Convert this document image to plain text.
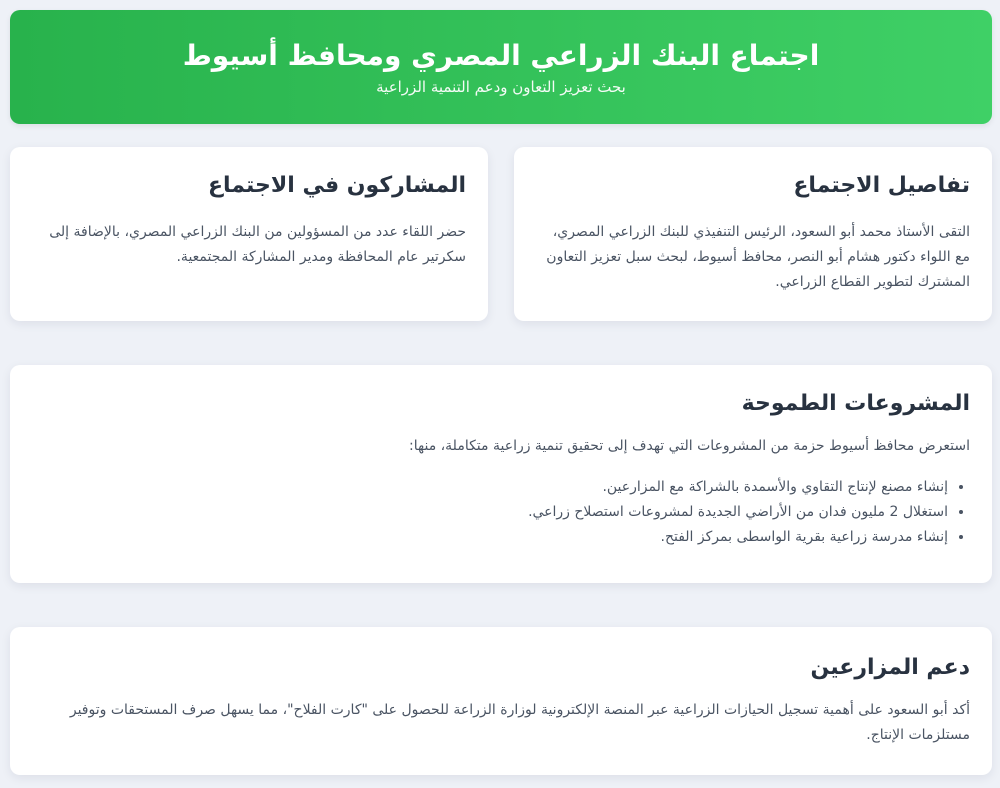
اجتماع البنك الزراعي المصري ومحافظ أسيوط

بحث تعزيز التعاون ودعم التنمية الزراعية

تفاصيل الاجتماع

التقى الأستاذ محمد أبو السعود، الرئيس التنفيذي للبنك الزراعي المصري، مع اللواء دكتور هشام أبو النصر، محافظ أسيوط، لبحث سبل تعزيز التعاون المشترك لتطوير القطاع الزراعي.

المشاركون في الاجتماع

حضر اللقاء عدد من المسؤولين من البنك الزراعي المصري، بالإضافة إلى سكرتير عام المحافظة ومدير المشاركة المجتمعية.

المشروعات الطموحة

استعرض محافظ أسيوط حزمة من المشروعات التي تهدف إلى تحقيق تنمية زراعية متكاملة، منها:

• إنشاء مصنع لإنتاج التقاوي والأسمدة بالشراكة مع المزارعين.
• استغلال 2 مليون فدان من الأراضي الجديدة لمشروعات استصلاح زراعي.
• إنشاء مدرسة زراعية بقرية الواسطى بمركز الفتح.
دعم المزارعين

أكد أبو السعود على أهمية تسجيل الحيازات الزراعية عبر المنصة الإلكترونية لوزارة الزراعة للحصول على "كارت الفلاح"، مما يسهل صرف المستحقات وتوفير مستلزمات الإنتاج.
